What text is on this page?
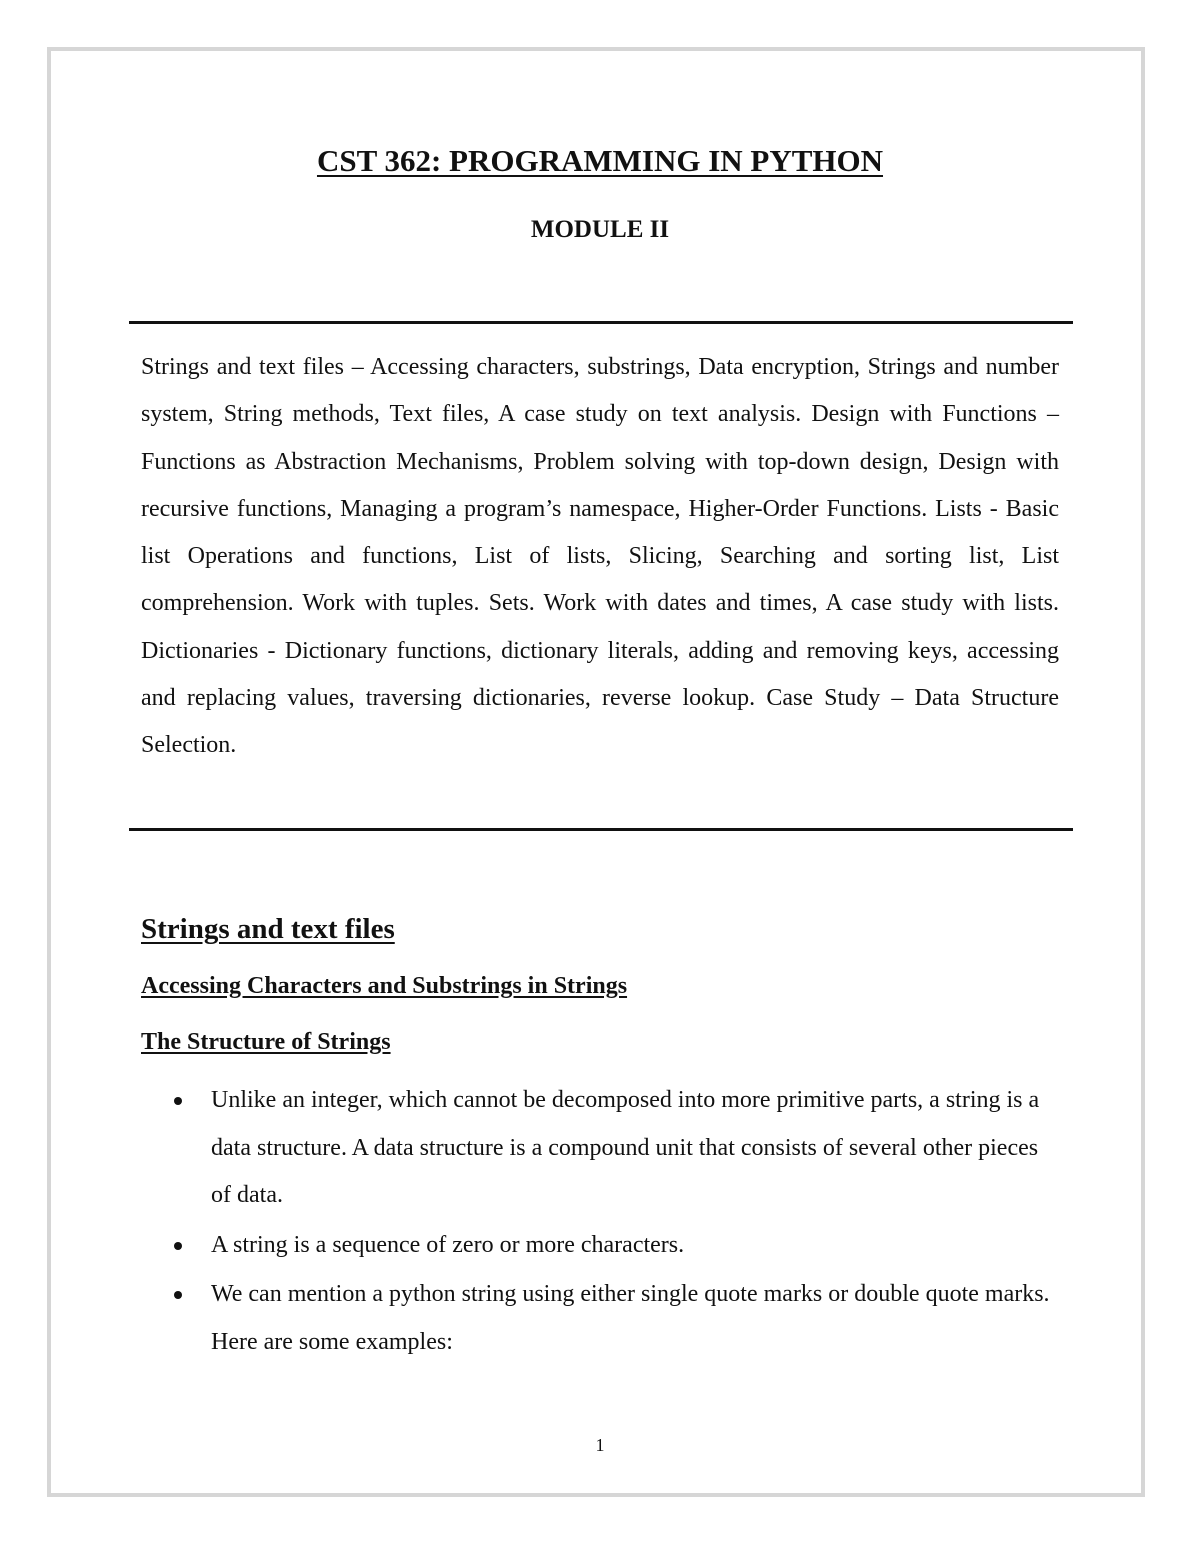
CST 362: PROGRAMMING IN PYTHON
MODULE II

Strings and text files – Accessing characters, substrings, Data encryption, Strings and number system, String methods, Text files, A case study on text analysis. Design with Functions – Functions as Abstraction Mechanisms, Problem solving with top-down design, Design with recursive functions, Managing a program’s namespace, Higher-Order Functions. Lists - Basic list Operations and functions, List of lists, Slicing, Searching and sorting list, List comprehension. Work with tuples. Sets. Work with dates and times, A case study with lists. Dictionaries - Dictionary functions, dictionary literals, adding and removing keys, accessing and replacing values, traversing dictionaries, reverse lookup. Case Study – Data Structure Selection.

Strings and text files
Accessing Characters and Substrings in Strings
The Structure of Strings
Unlike an integer, which cannot be decomposed into more primitive parts, a string is a data structure. A data structure is a compound unit that consists of several other pieces of data.
A string is a sequence of zero or more characters.
We can mention a python string using either single quote marks or double quote marks. Here are some examples:

1
